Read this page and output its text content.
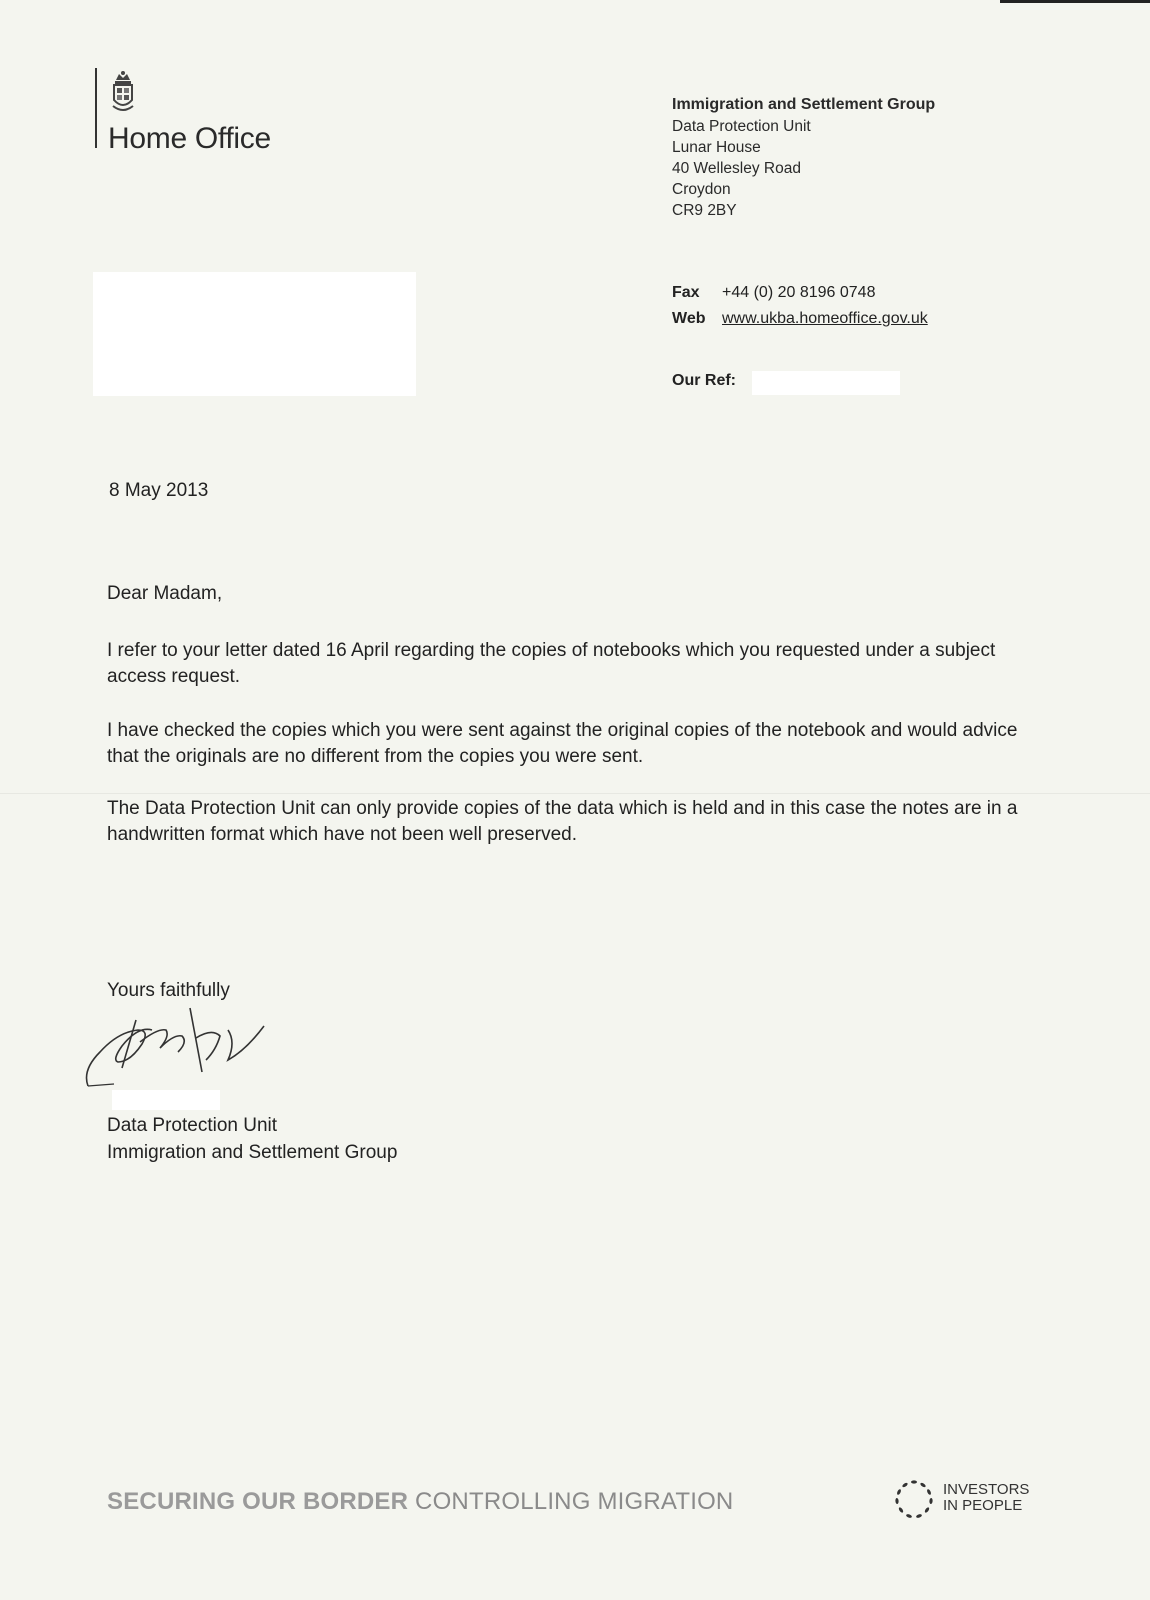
Home Office
Immigration and Settlement Group
Data Protection Unit
Lunar House
40 Wellesley Road
Croydon
CR9 2BY
Fax +44 (0) 20 8196 0748
Web www.ukba.homeoffice.gov.uk
Our Ref:
8 May 2013
Dear Madam,
I refer to your letter dated 16 April regarding the copies of notebooks which you requested under a subject access request.
I have checked the copies which you were sent against the original copies of the notebook and would advice that the originals are no different from the copies you were sent.
The Data Protection Unit can only provide copies of the data which is held and in this case the notes are in a handwritten format which have not been well preserved.
Yours faithfully
Data Protection Unit
Immigration and Settlement Group
SECURING OUR BORDER CONTROLLING MIGRATION	INVESTORS
IN PEOPLE
